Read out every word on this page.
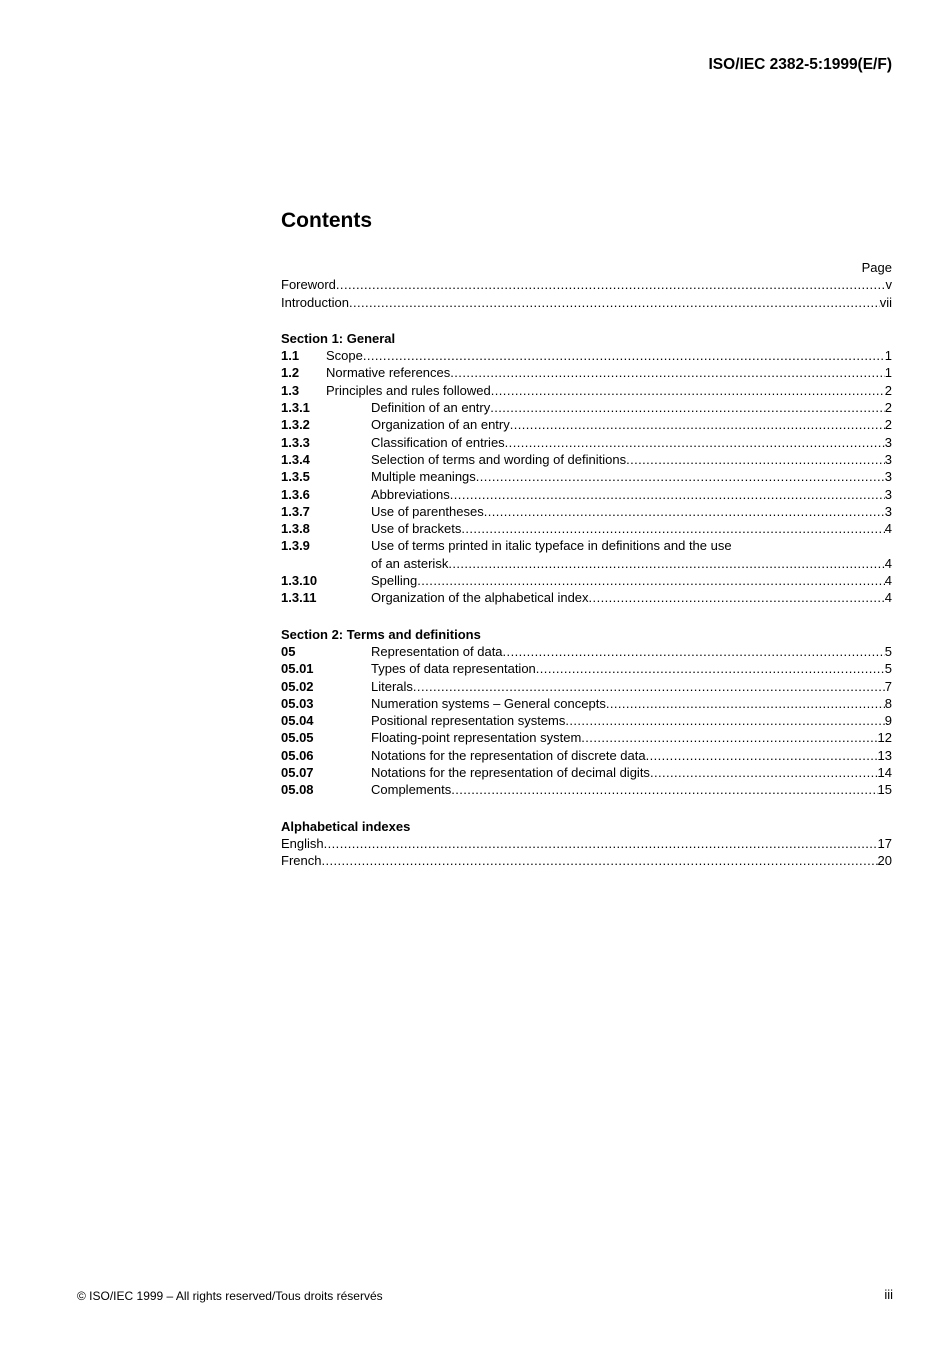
ISO/IEC 2382-5:1999(E/F)
Contents
Page
Foreword .....	v
Introduction .....	vii
Section 1: General
1.1	Scope .....	1
1.2	Normative references .....	1
1.3	Principles and rules followed .....	2
1.3.1	Definition of an entry .....	2
1.3.2	Organization of an entry .....	2
1.3.3	Classification of entries .....	3
1.3.4	Selection of terms and wording of definitions .....	3
1.3.5	Multiple meanings .....	3
1.3.6	Abbreviations .....	3
1.3.7	Use of parentheses .....	3
1.3.8	Use of brackets .....	4
1.3.9	Use of terms printed in italic typeface in definitions and the use
of an asterisk .....	4
1.3.10	Spelling .....	4
1.3.11	Organization of the alphabetical index .....	4
Section 2: Terms and definitions
05	Representation of data .....	5
05.01	Types of data representation .....	5
05.02	Literals .....	7
05.03	Numeration systems – General concepts .....	8
05.04	Positional representation systems .....	9
05.05	Floating-point representation system .....	12
05.06	Notations for the representation of discrete data .....	13
05.07	Notations for the representation of decimal digits .....	14
05.08	Complements .....	15
Alphabetical indexes
English .....	17
French .....	20
© ISO/IEC 1999 – All rights reserved/Tous droits réservés	iii
